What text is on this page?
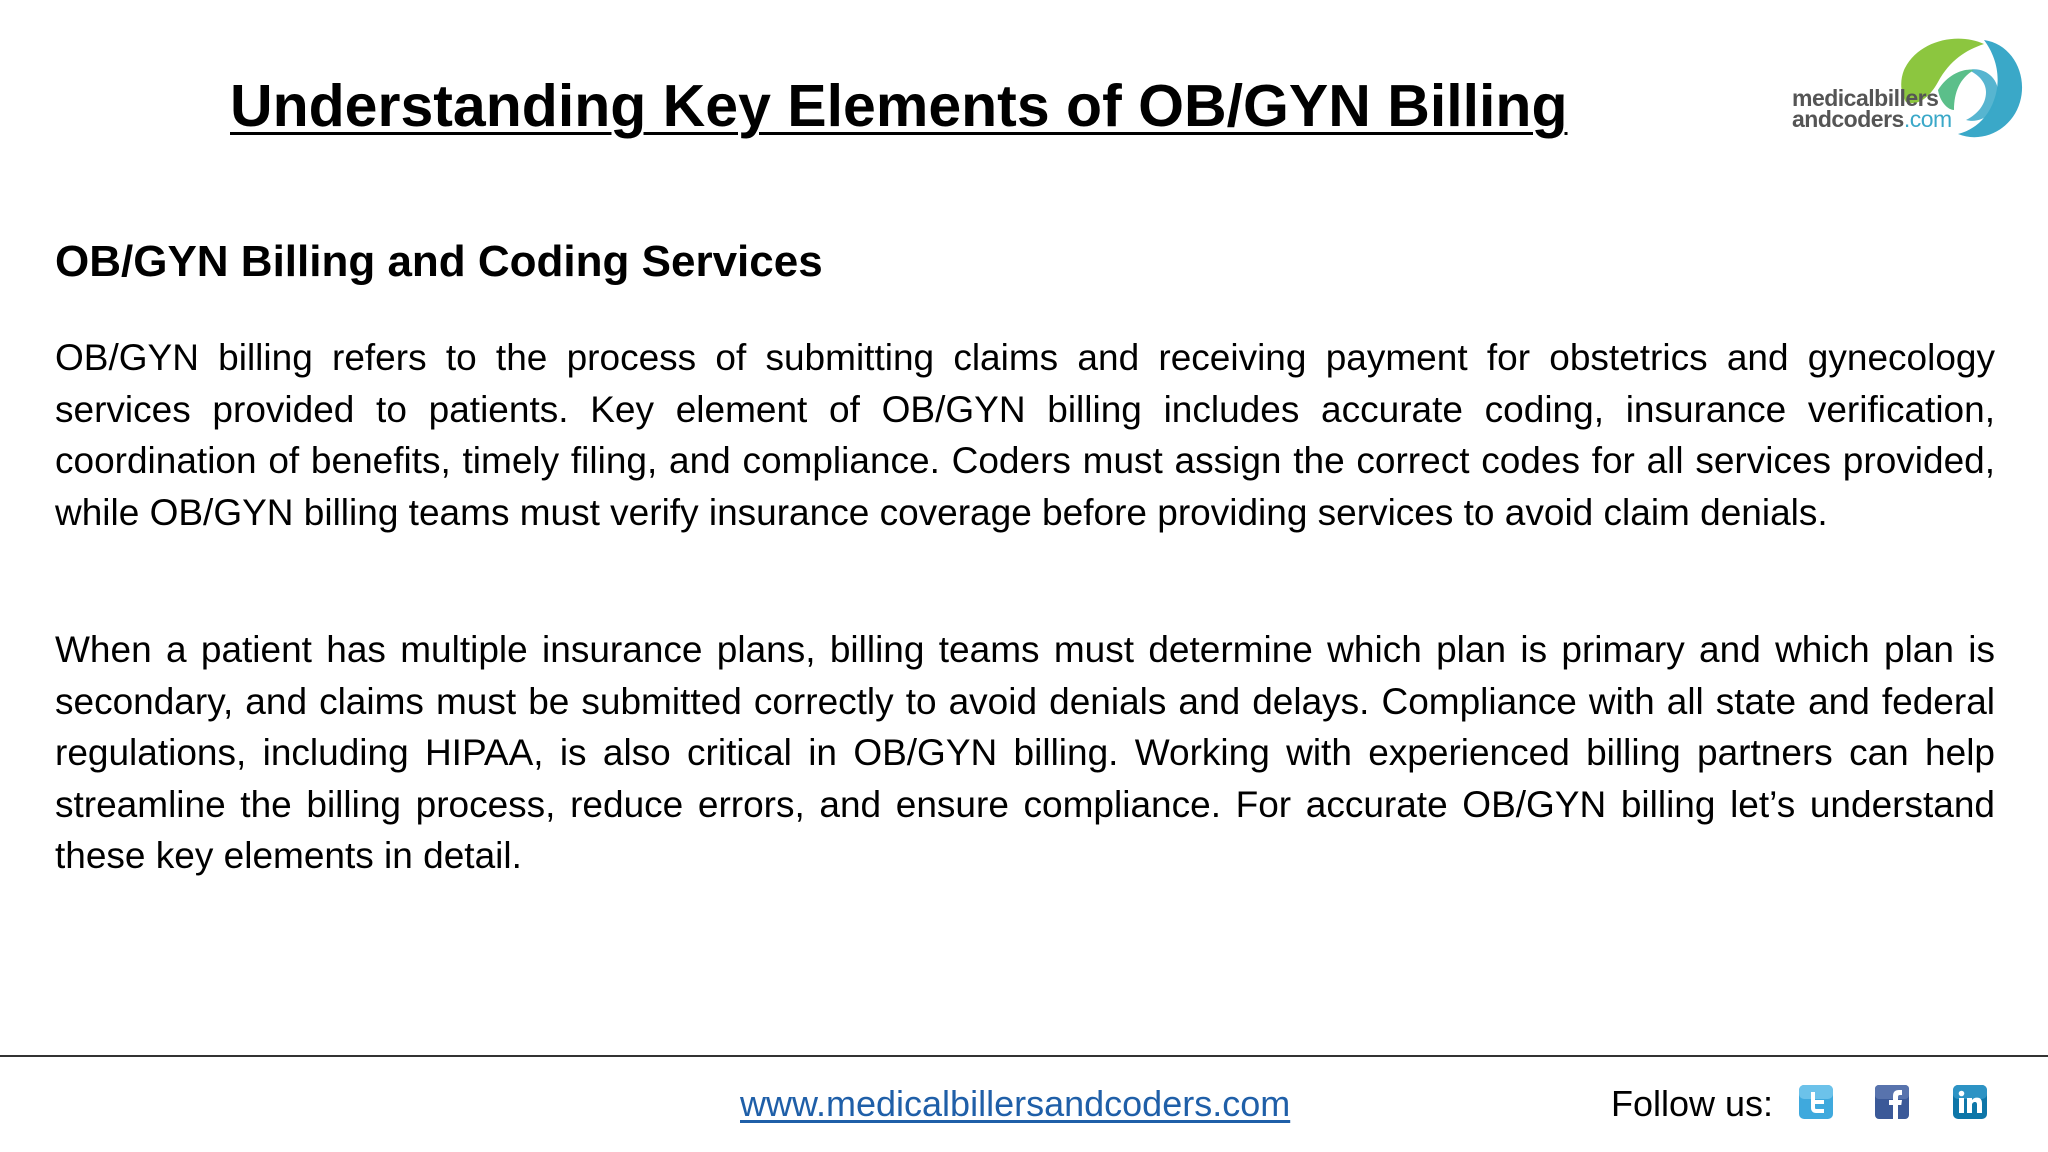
Understanding Key Elements of OB/GYN Billing	medicalbillers
andcoders.com
OB/GYN Billing and Coding Services

OB/GYN billing refers to the process of submitting claims and receiving payment for obstetrics and gynecology services provided to patients. Key element of OB/GYN billing includes accurate coding, insurance verification, coordination of benefits, timely filing, and compliance. Coders must assign the correct codes for all services provided, while OB/GYN billing teams must verify insurance coverage before providing services to avoid claim denials.

When a patient has multiple insurance plans, billing teams must determine which plan is primary and which plan is secondary, and claims must be submitted correctly to avoid denials and delays. Compliance with all state and federal regulations, including HIPAA, is also critical in OB/GYN billing. Working with experienced billing partners can help streamline the billing process, reduce errors, and ensure compliance. For accurate OB/GYN billing let’s understand these key elements in detail.

www.medicalbillersandcoders.com	Follow us:
